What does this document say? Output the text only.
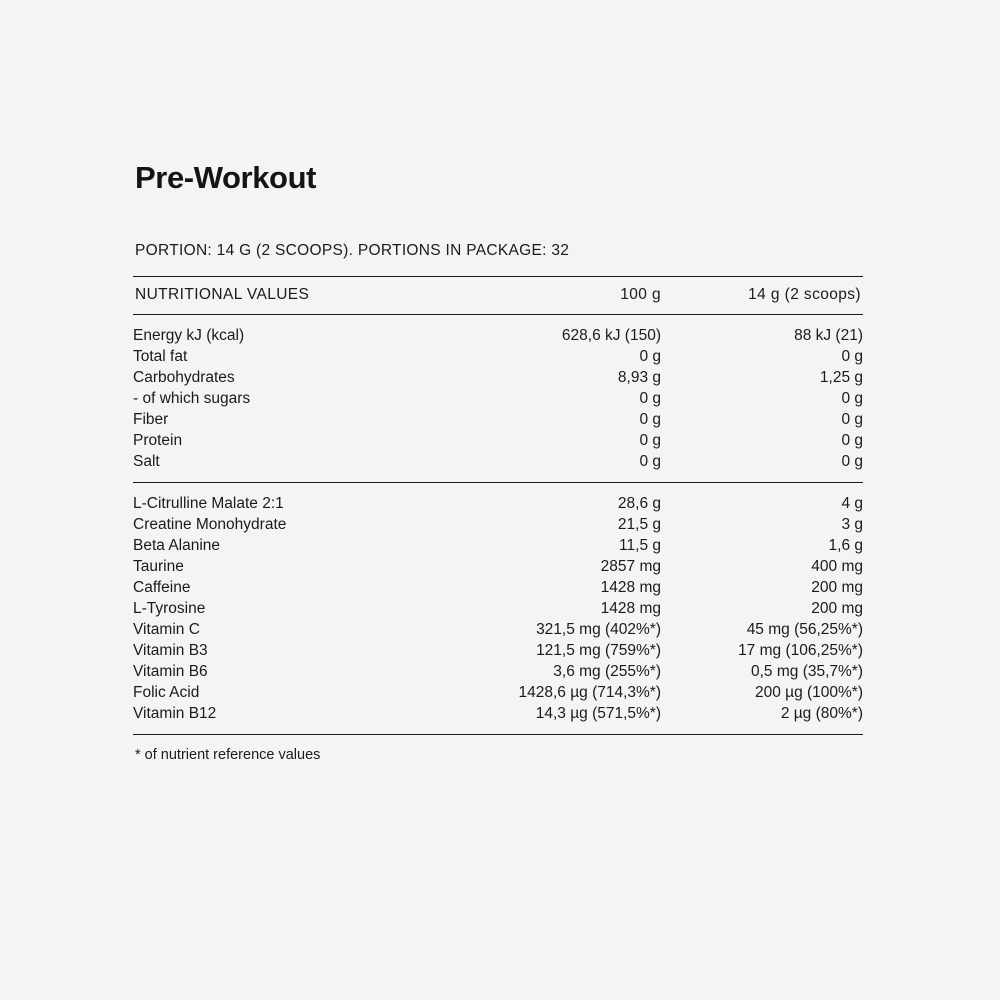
Pre-Workout

PORTION: 14 G (2 SCOOPS). PORTIONS IN PACKAGE: 32

NUTRITIONAL VALUES	100 g	14 g (2 scoops)
Energy kJ (kcal)	628,6 kJ (150)	88 kJ (21)
Total fat	0 g	0 g
Carbohydrates	8,93 g	1,25 g
- of which sugars	0 g	0 g
Fiber	0 g	0 g
Protein	0 g	0 g
Salt	0 g	0 g
L-Citrulline Malate 2:1	28,6 g	4 g
Creatine Monohydrate	21,5 g	3 g
Beta Alanine	11,5 g	1,6 g
Taurine	2857 mg	400 mg
Caffeine	1428 mg	200 mg
L-Tyrosine	1428 mg	200 mg
Vitamin C	321,5 mg (402%*)	45 mg (56,25%*)
Vitamin B3	121,5 mg (759%*)	17 mg (106,25%*)
Vitamin B6	3,6 mg (255%*)	0,5 mg (35,7%*)
Folic Acid	1428,6 µg (714,3%*)	200 µg (100%*)
Vitamin B12	14,3 µg (571,5%*)	2 µg (80%*)

* of nutrient reference values
